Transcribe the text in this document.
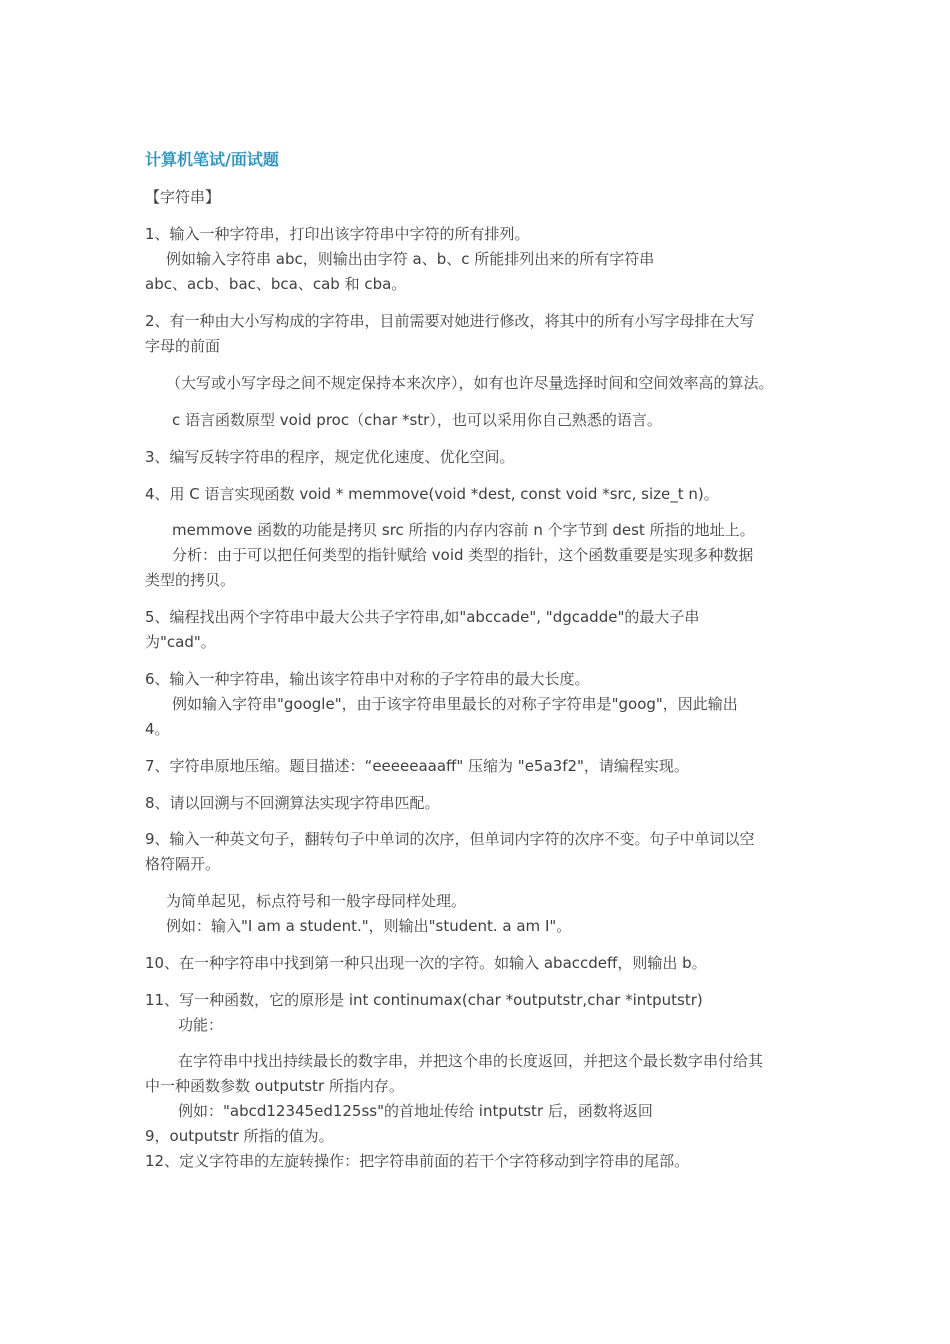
计算机笔试/面试题
【字符串】
1、输入一种字符串，打印出该字符串中字符的所有排列。
例如输入字符串 abc，则输出由字符 a、b、c 所能排列出来的所有字符串
abc、acb、bac、bca、cab 和 cba。
2、有一种由大小写构成的字符串，目前需要对她进行修改，将其中的所有小写字母排在大写
字母的前面
（大写或小写字母之间不规定保持本来次序），如有也许尽量选择时间和空间效率高的算法。
c 语言函数原型 void proc（char *str），也可以采用你自己熟悉的语言。
3、编写反转字符串的程序，规定优化速度、优化空间。
4、用 C 语言实现函数 void * memmove(void *dest, const void *src, size_t n)。
memmove 函数的功能是拷贝 src 所指的内存内容前 n 个字节到 dest 所指的地址上。
分析：由于可以把任何类型的指针赋给 void 类型的指针，这个函数重要是实现多种数据
类型的拷贝。
5、编程找出两个字符串中最大公共子字符串,如"abccade", "dgcadde"的最大子串
为"cad"。
6、输入一种字符串，输出该字符串中对称的子字符串的最大长度。
例如输入字符串"google"，由于该字符串里最长的对称子字符串是"goog"，因此输出
4。
7、字符串原地压缩。题目描述：“eeeeeaaaff" 压缩为 "e5a3f2"，请编程实现。
8、请以回溯与不回溯算法实现字符串匹配。
9、输入一种英文句子，翻转句子中单词的次序，但单词内字符的次序不变。句子中单词以空
格符隔开。
为简单起见，标点符号和一般字母同样处理。
例如：输入"I am a student."，则输出"student. a am I"。
10、在一种字符串中找到第一种只出现一次的字符。如输入 abaccdeff，则输出 b。
11、写一种函数，它的原形是 int continumax(char *outputstr,char *intputstr)
功能：
在字符串中找出持续最长的数字串，并把这个串的长度返回，并把这个最长数字串付给其
中一种函数参数 outputstr 所指内存。
例如："abcd12345ed125ss"的首地址传给 intputstr 后，函数将返回
9，outputstr 所指的值为。
12、定义字符串的左旋转操作：把字符串前面的若干个字符移动到字符串的尾部。
